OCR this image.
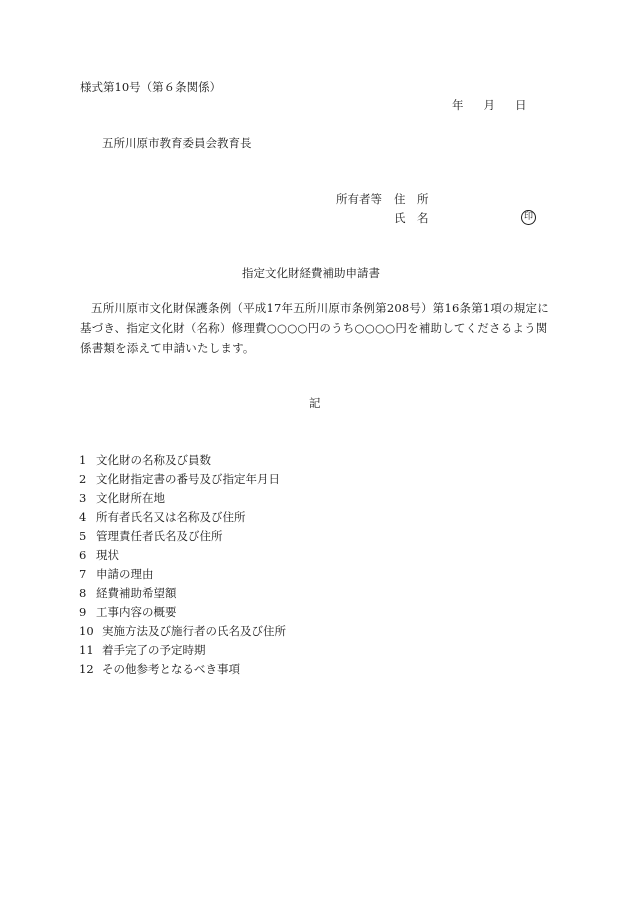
様式第10号（第６条関係）
年 月 日
五所川原市教育委員会教育長
所有者等 住　所
氏　名	印
指定文化財経費補助申請書
五所川原市文化財保護条例（平成17年五所川原市条例第208号）第16条第1項の規定に基づき、指定文化財（名称）修理費○○○○円のうち○○○○円を補助してくださるよう関係書類を添えて申請いたします。
記
1 文化財の名称及び員数
2 文化財指定書の番号及び指定年月日
3 文化財所在地
4 所有者氏名又は名称及び住所
5 管理責任者氏名及び住所
6 現状
7 申請の理由
8 経費補助希望額
9 工事内容の概要
10 実施方法及び施行者の氏名及び住所
11 着手完了の予定時期
12 その他参考となるべき事項
